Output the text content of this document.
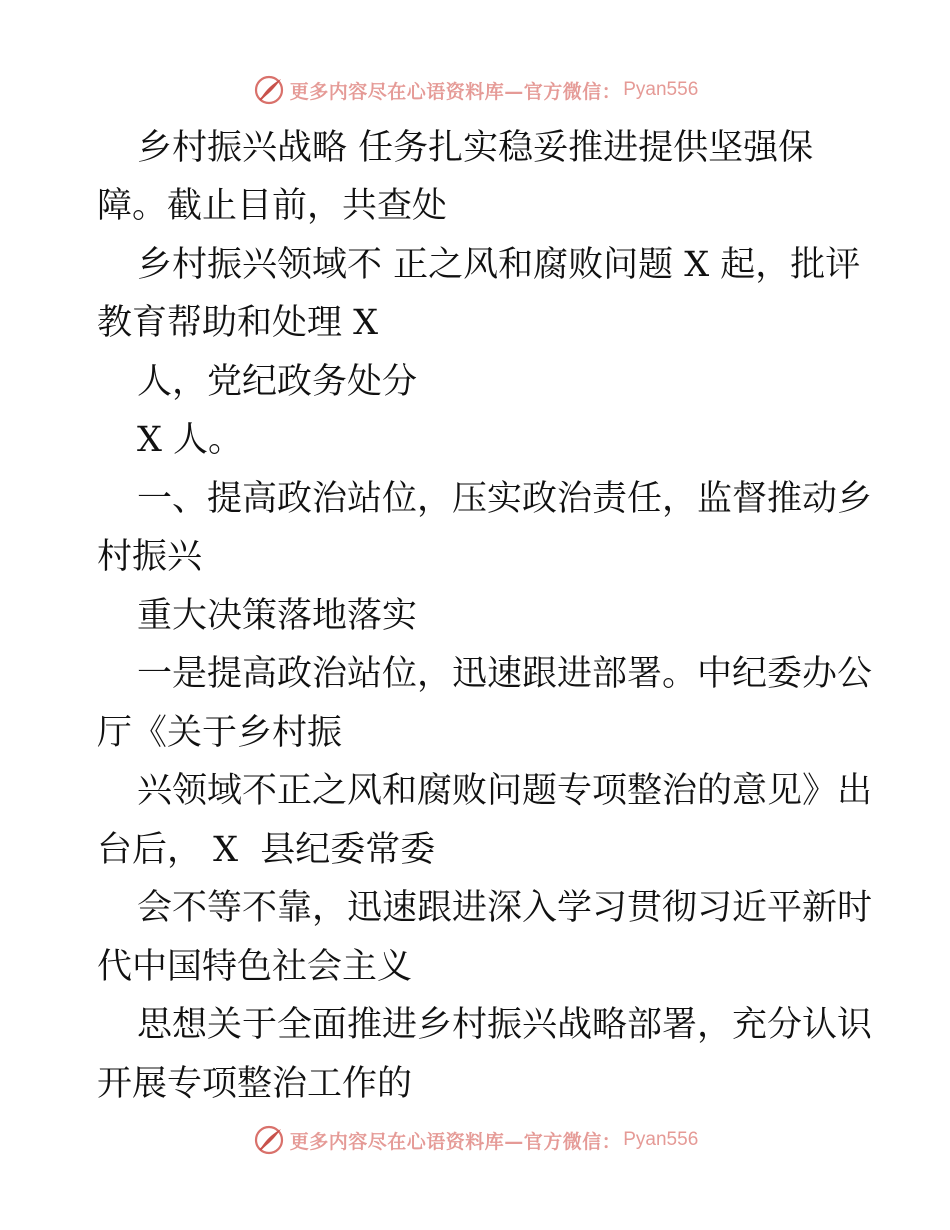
更多内容尽在心语资料库—官方微信： Pyan556
乡村振兴战略 任务扎实稳妥推进提供坚强保
障。截止目前，共查处
乡村振兴领域不 正之风和腐败问题 X 起，批评
教育帮助和处理 X
人，党纪政务处分
X 人。
一、提高政治站位，压实政治责任，监督推动乡
村振兴
重大决策落地落实
一是提高政治站位，迅速跟进部署。中纪委办公
厅《关于乡村振
兴领域不正之风和腐败问题专项整治的意见》出
台后， X  县纪委常委
会不等不靠，迅速跟进深入学习贯彻习近平新时
代中国特色社会主义
思想关于全面推进乡村振兴战略部署，充分认识
开展专项整治工作的
更多内容尽在心语资料库—官方微信： Pyan556
